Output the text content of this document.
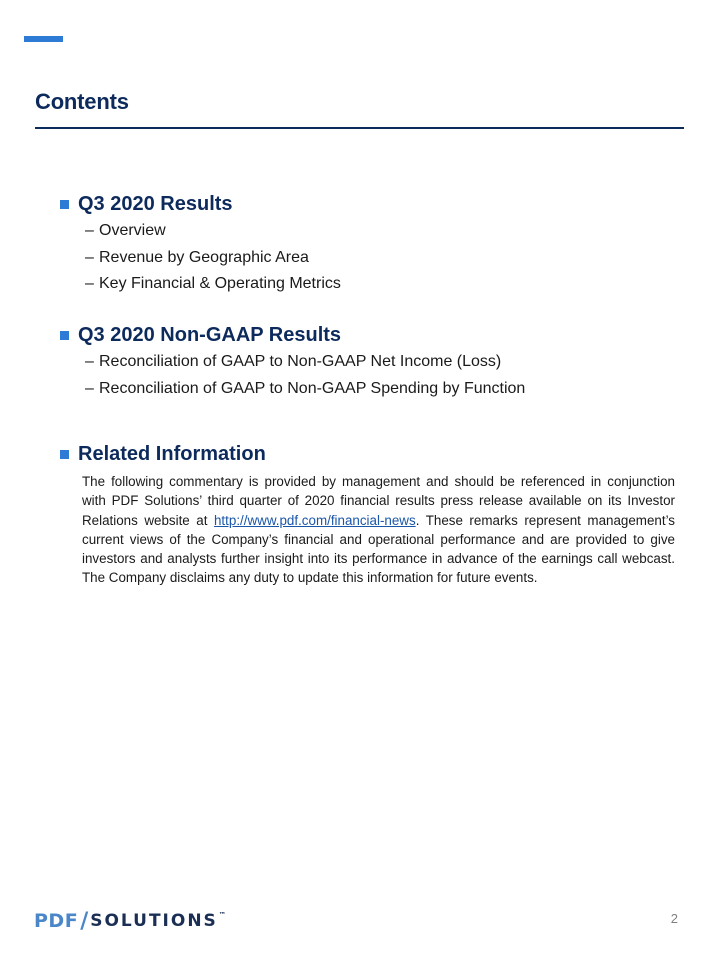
Contents
Q3 2020 Results
– Overview
– Revenue by Geographic Area
– Key Financial & Operating Metrics
Q3 2020 Non-GAAP Results
– Reconciliation of GAAP to Non-GAAP Net Income (Loss)
– Reconciliation of GAAP to Non-GAAP Spending by Function
Related Information

The following commentary is provided by management and should be referenced in conjunction with PDF Solutions’ third quarter of 2020 financial results press release available on its Investor Relations website at http://www.pdf.com/financial-news. These remarks represent management’s current views of the Company’s financial and operational performance and are provided to give investors and analysts further insight into its performance in advance of the earnings call webcast. The Company disclaims any duty to update this information for future events.

PDF / SOLUTIONS ™	2
